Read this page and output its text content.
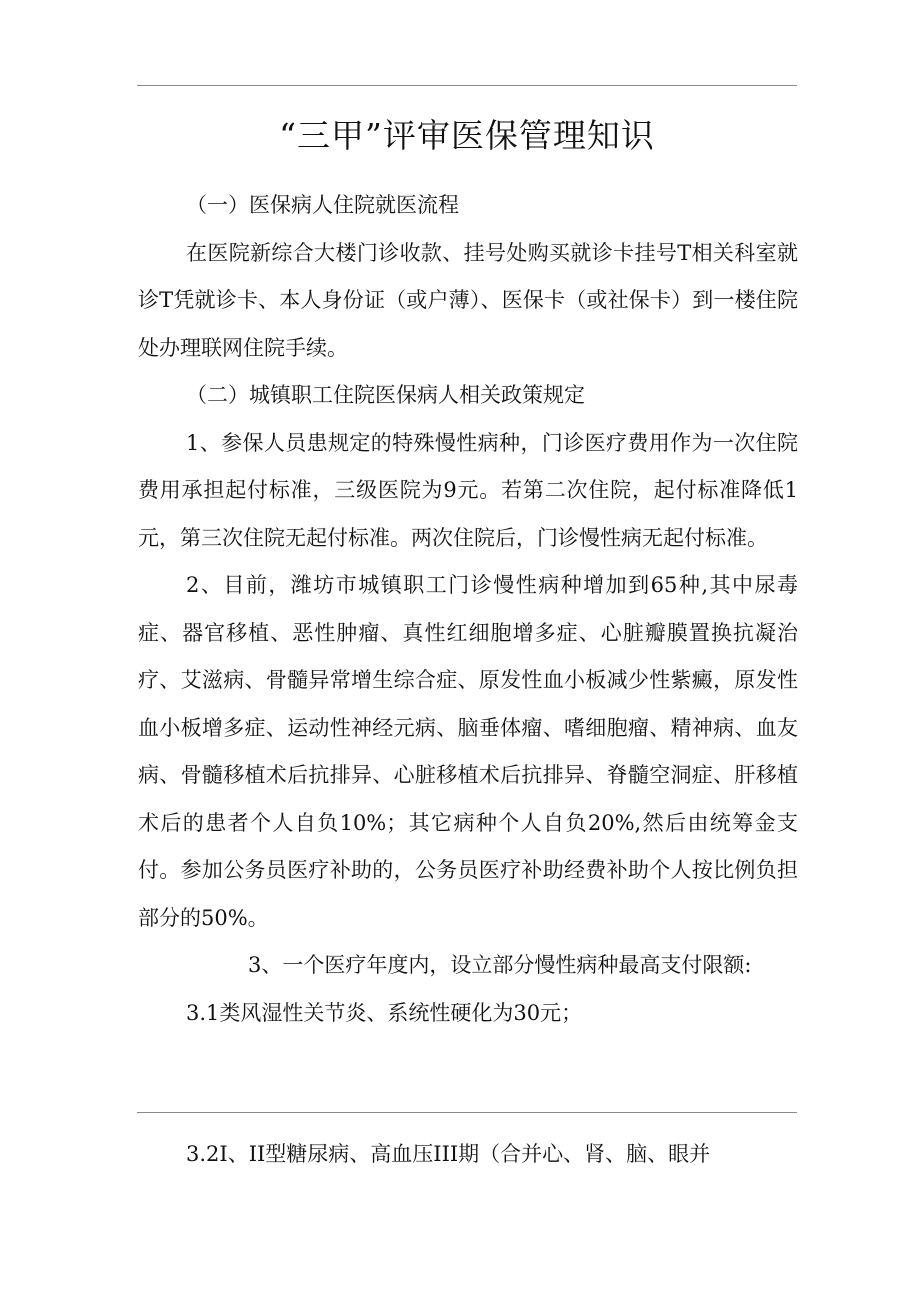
“三甲”评审医保管理知识

（一）医保病人住院就医流程

在医院新综合大楼门诊收款、挂号处购买就诊卡挂号T相关科室就诊T凭就诊卡、本人身份证（或户薄）、医保卡（或社保卡）到一楼住院处办理联网住院手续。

（二）城镇职工住院医保病人相关政策规定

1、参保人员患规定的特殊慢性病种，门诊医疗费用作为一次住院费用承担起付标准，三级医院为9元。若第二次住院，起付标准降低1元，第三次住院无起付标准。两次住院后，门诊慢性病无起付标准。

2、目前，潍坊市城镇职工门诊慢性病种增加到65种,其中尿毒症、器官移植、恶性肿瘤、真性红细胞增多症、心脏瓣膜置换抗凝治疗、艾滋病、骨髓异常增生综合症、原发性血小板减少性紫癜，原发性血小板增多症、运动性神经元病、脑垂体瘤、嗜细胞瘤、精神病、血友病、骨髓移植术后抗排异、心脏移植术后抗排异、脊髓空洞症、肝移植术后的患者个人自负10%；其它病种个人自负20%,然后由统筹金支付。参加公务员医疗补助的，公务员医疗补助经费补助个人按比例负担部分的50%。

3、一个医疗年度内，设立部分慢性病种最高支付限额:

3.1类风湿性关节炎、系统性硬化为30元；

3.2I、II型糖尿病、高血压III期（合并心、肾、脑、眼并
